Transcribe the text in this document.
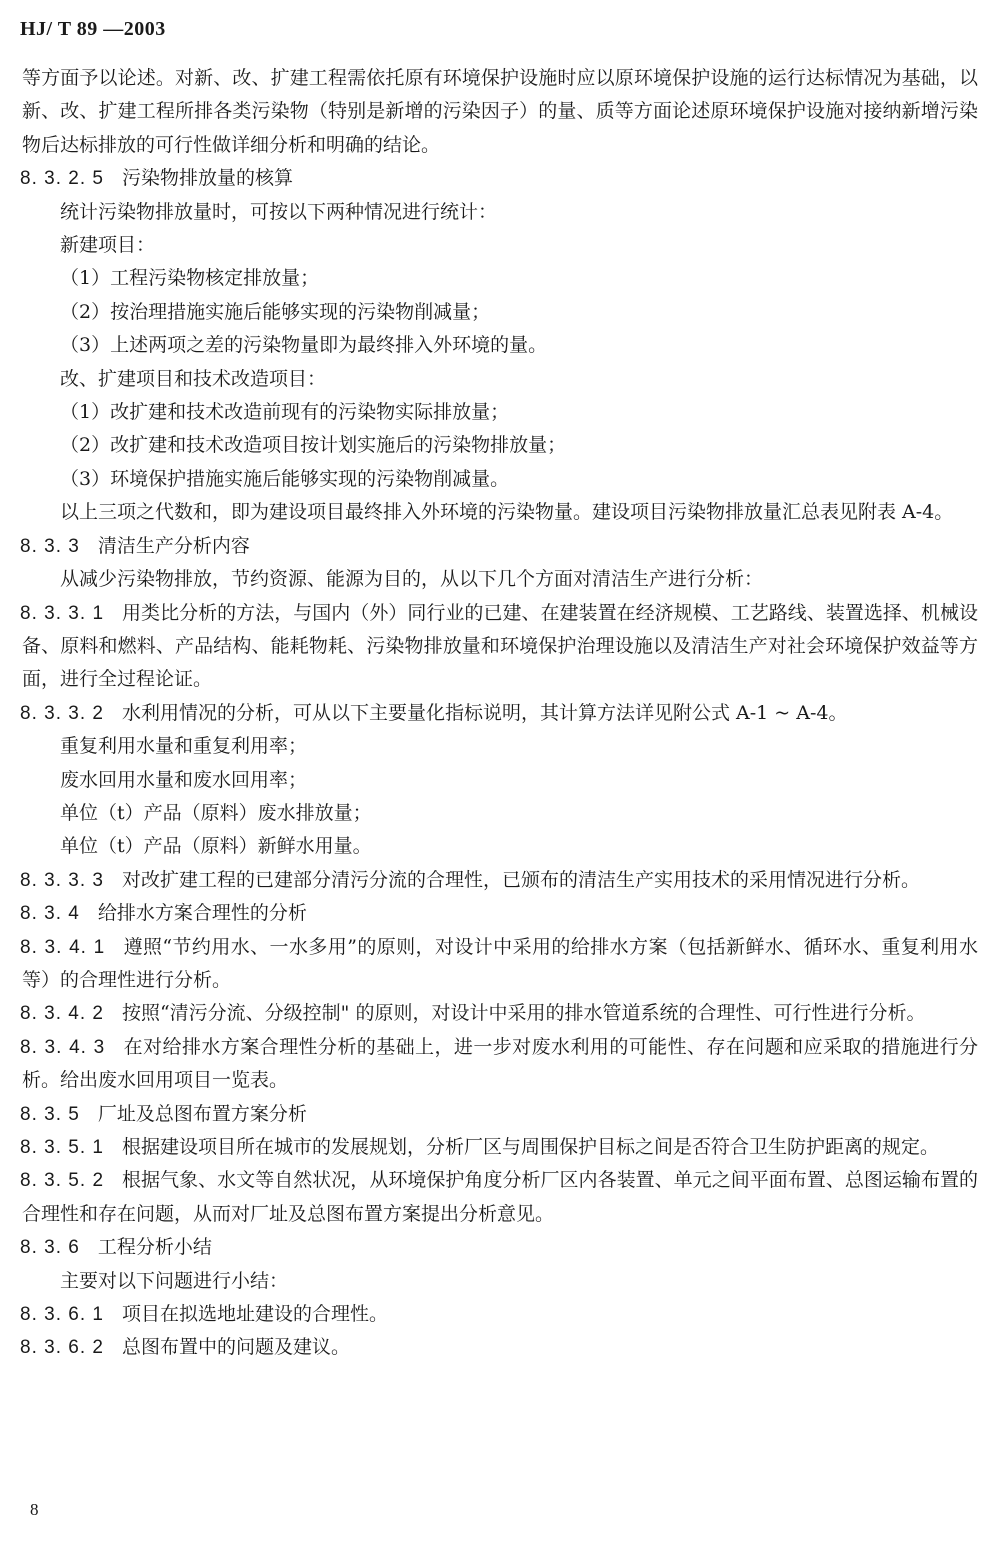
HJ/ T 89 —2003

等方面予以论述。对新、改、扩建工程需依托原有环境保护设施时应以原环境保护设施的运行达标情况为基础，以新、改、扩建工程所排各类污染物（特别是新增的污染因子）的量、质等方面论述原环境保护设施对接纳新增污染物后达标排放的可行性做详细分析和明确的结论。

8. 3. 2. 5 污染物排放量的核算

统计污染物排放量时，可按以下两种情况进行统计：

新建项目：

（1）工程污染物核定排放量；

（2）按治理措施实施后能够实现的污染物削减量；

（3）上述两项之差的污染物量即为最终排入外环境的量。

改、扩建项目和技术改造项目：

（1）改扩建和技术改造前现有的污染物实际排放量；

（2）改扩建和技术改造项目按计划实施后的污染物排放量；

（3）环境保护措施实施后能够实现的污染物削减量。

以上三项之代数和，即为建设项目最终排入外环境的污染物量。建设项目污染物排放量汇总表见附表 A-4。

8. 3. 3 清洁生产分析内容

从减少污染物排放，节约资源、能源为目的，从以下几个方面对清洁生产进行分析：

8. 3. 3. 1 用类比分析的方法，与国内（外）同行业的已建、在建装置在经济规模、工艺路线、装置选择、机械设备、原料和燃料、产品结构、能耗物耗、污染物排放量和环境保护治理设施以及清洁生产对社会环境保护效益等方面，进行全过程论证。

8. 3. 3. 2 水利用情况的分析，可从以下主要量化指标说明，其计算方法详见附公式 A-1 ~ A-4。

重复利用水量和重复利用率；

废水回用水量和废水回用率；

单位（t）产品（原料）废水排放量；

单位（t）产品（原料）新鲜水用量。

8. 3. 3. 3 对改扩建工程的已建部分清污分流的合理性，已颁布的清洁生产实用技术的采用情况进行分析。

8. 3. 4 给排水方案合理性的分析

8. 3. 4. 1 遵照“节约用水、一水多用”的原则，对设计中采用的给排水方案（包括新鲜水、循环水、重复利用水等）的合理性进行分析。

8. 3. 4. 2 按照“清污分流、分级控制" 的原则，对设计中采用的排水管道系统的合理性、可行性进行分析。

8. 3. 4. 3 在对给排水方案合理性分析的基础上，进一步对废水利用的可能性、存在问题和应采取的措施进行分析。给出废水回用项目一览表。

8. 3. 5 厂址及总图布置方案分析

8. 3. 5. 1 根据建设项目所在城市的发展规划，分析厂区与周围保护目标之间是否符合卫生防护距离的规定。

8. 3. 5. 2 根据气象、水文等自然状况，从环境保护角度分析厂区内各装置、单元之间平面布置、总图运输布置的合理性和存在问题，从而对厂址及总图布置方案提出分析意见。

8. 3. 6 工程分析小结

主要对以下问题进行小结：

8. 3. 6. 1 项目在拟选地址建设的合理性。

8. 3. 6. 2 总图布置中的问题及建议。

8
